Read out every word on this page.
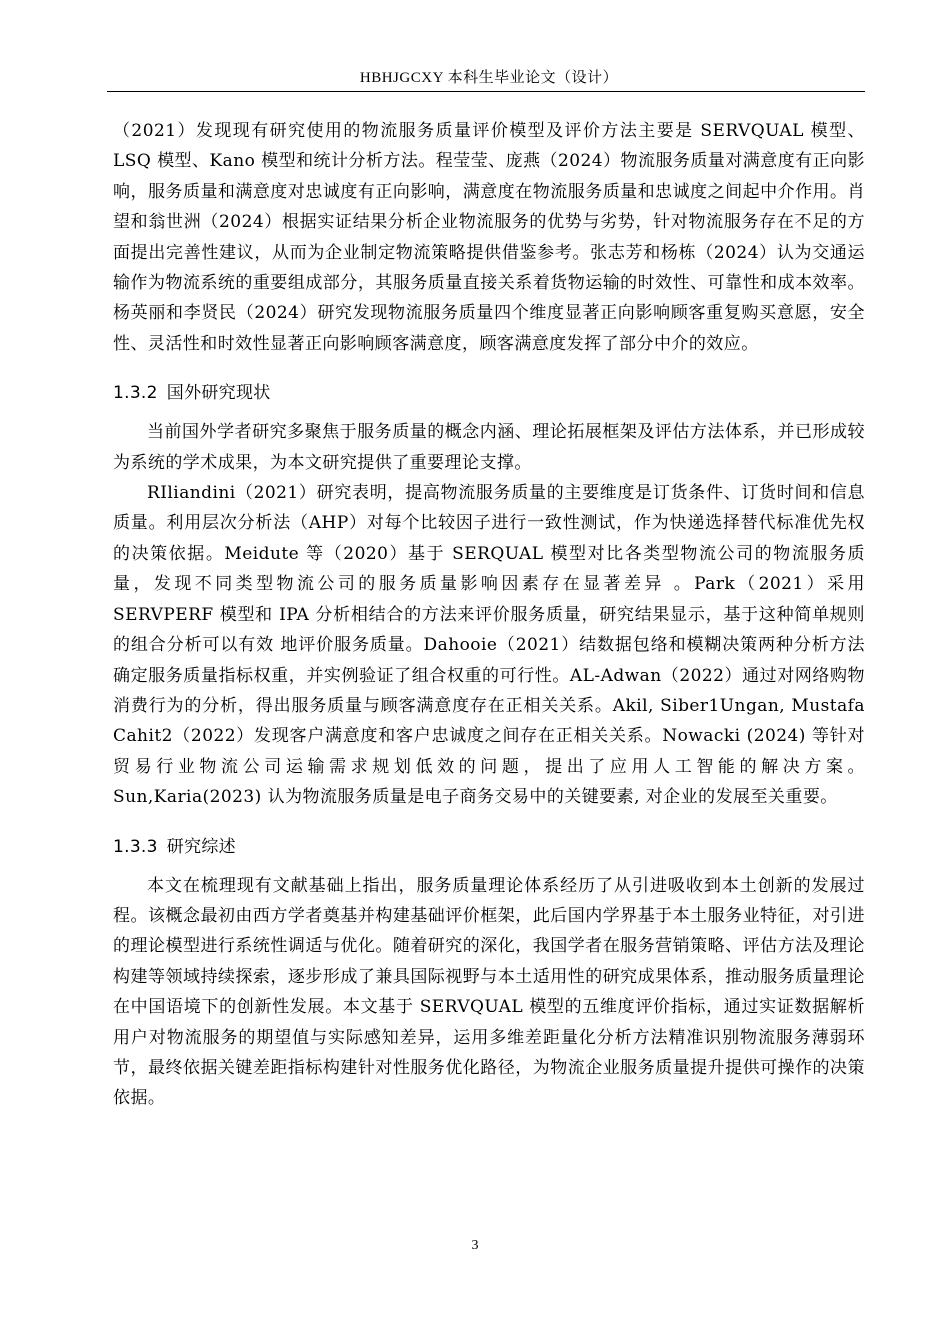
HBHJGCXY 本科生毕业论文（设计）

（2021）发现现有研究使用的物流服务质量评价模型及评价方法主要是 SERVQUAL 模型、LSQ 模型、Kano 模型和统计分析方法。程莹莹、庞燕（2024）物流服务质量对满意度有正向影响，服务质量和满意度对忠诚度有正向影响，满意度在物流服务质量和忠诚度之间起中介作用。肖望和翁世洲（2024）根据实证结果分析企业物流服务的优势与劣势，针对物流服务存在不足的方面提出完善性建议，从而为企业制定物流策略提供借鉴参考。张志芳和杨栋（2024）认为交通运输作为物流系统的重要组成部分，其服务质量直接关系着货物运输的时效性、可靠性和成本效率。杨英丽和李贤民（2024）研究发现物流服务质量四个维度显著正向影响顾客重复购买意愿，安全性、灵活性和时效性显著正向影响顾客满意度，顾客满意度发挥了部分中介的效应。

1.3.2 国外研究现状

当前国外学者研究多聚焦于服务质量的概念内涵、理论拓展框架及评估方法体系，并已形成较为系统的学术成果，为本文研究提供了重要理论支撑。

RIliandini（2021）研究表明，提高物流服务质量的主要维度是订货条件、订货时间和信息质量。利用层次分析法（AHP）对每个比较因子进行一致性测试，作为快递选择替代标准优先权的决策依据。Meidute 等（2020）基于 SERQUAL 模型对比各类型物流公司的物流服务质量，发现不同类型物流公司的服务质量影响因素存在显著差异 。Park（2021）采用 SERVPERF 模型和 IPA 分析相结合的方法来评价服务质量，研究结果显示，基于这种简单规则的组合分析可以有效 地评价服务质量。Dahooie（2021）结数据包络和模糊决策两种分析方法确定服务质量指标权重，并实例验证了组合权重的可行性。AL-Adwan（2022）通过对网络购物消费行为的分析，得出服务质量与顾客满意度存在正相关关系。Akil, Siber1Ungan, Mustafa Cahit2（2022）发现客户满意度和客户忠诚度之间存在正相关关系。Nowacki (2024) 等针对贸易行业物流公司运输需求规划低效的问题，提出了应用人工智能的解决方案。Sun,Karia(2023) 认为物流服务质量是电子商务交易中的关键要素, 对企业的发展至关重要。

1.3.3 研究综述

本文在梳理现有文献基础上指出，服务质量理论体系经历了从引进吸收到本土创新的发展过程。该概念最初由西方学者奠基并构建基础评价框架，此后国内学界基于本土服务业特征，对引进的理论模型进行系统性调适与优化。随着研究的深化，我国学者在服务营销策略、评估方法及理论构建等领域持续探索，逐步形成了兼具国际视野与本土适用性的研究成果体系，推动服务质量理论在中国语境下的创新性发展。本文基于 SERVQUAL 模型的五维度评价指标，通过实证数据解析用户对物流服务的期望值与实际感知差异，运用多维差距量化分析方法精准识别物流服务薄弱环节，最终依据关键差距指标构建针对性服务优化路径，为物流企业服务质量提升提供可操作的决策依据。

3
